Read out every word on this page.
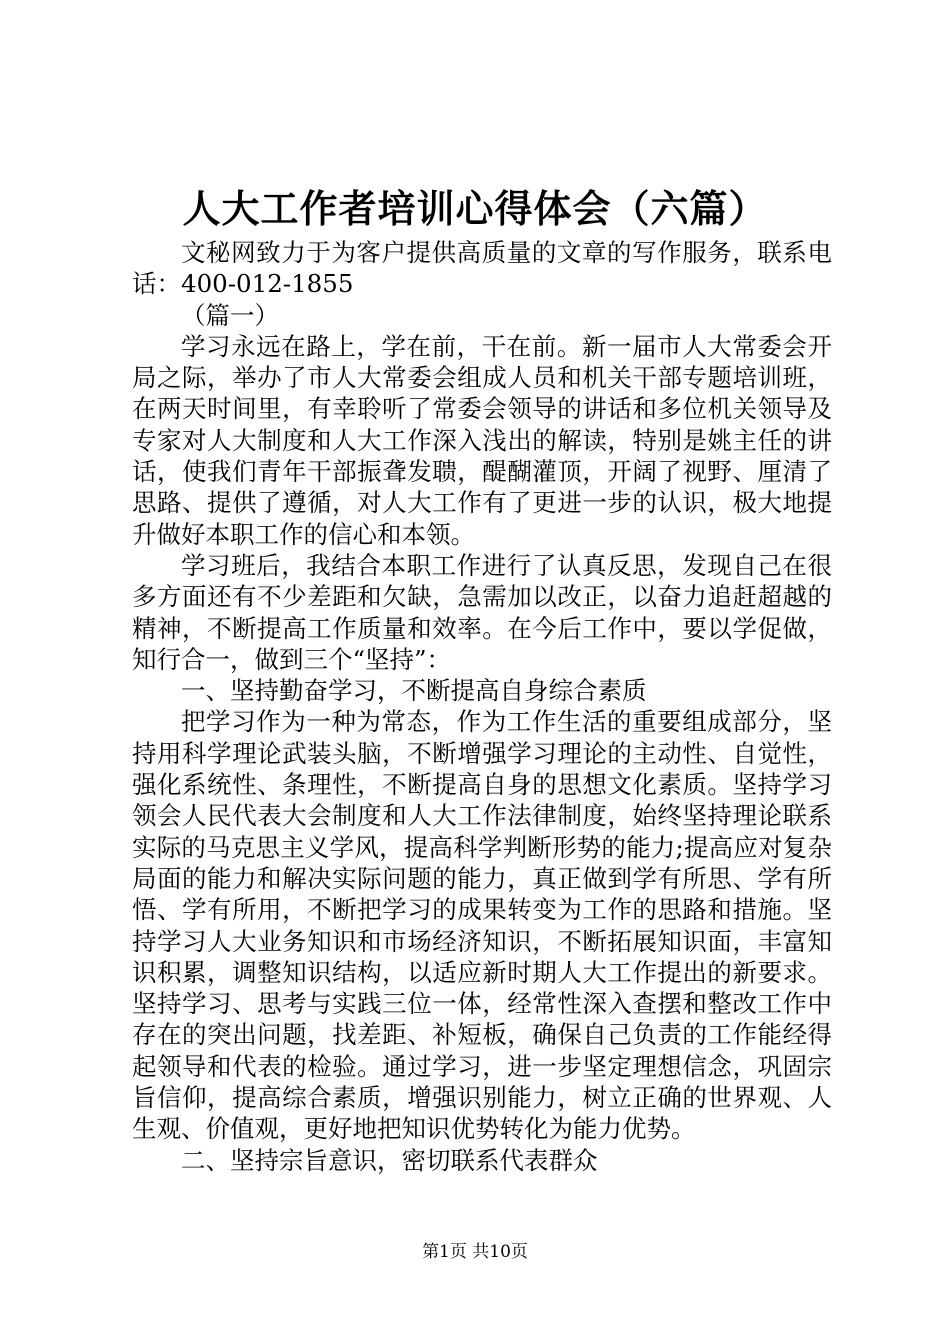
人大工作者培训心得体会（六篇）

文秘网致力于为客户提供高质量的文章的写作服务，联系电话：400-012-1855

（篇一）

学习永远在路上，学在前，干在前。新一届市人大常委会开局之际，举办了市人大常委会组成人员和机关干部专题培训班，在两天时间里，有幸聆听了常委会领导的讲话和多位机关领导及专家对人大制度和人大工作深入浅出的解读，特别是姚主任的讲话，使我们青年干部振聋发聩，醍醐灌顶，开阔了视野、厘清了思路、提供了遵循，对人大工作有了更进一步的认识，极大地提升做好本职工作的信心和本领。

学习班后，我结合本职工作进行了认真反思，发现自己在很多方面还有不少差距和欠缺，急需加以改正，以奋力追赶超越的精神，不断提高工作质量和效率。在今后工作中，要以学促做，知行合一，做到三个“坚持”：

一、坚持勤奋学习，不断提高自身综合素质

把学习作为一种为常态，作为工作生活的重要组成部分，坚持用科学理论武装头脑，不断增强学习理论的主动性、自觉性，强化系统性、条理性，不断提高自身的思想文化素质。坚持学习领会人民代表大会制度和人大工作法律制度，始终坚持理论联系实际的马克思主义学风，提高科学判断形势的能力;提高应对复杂局面的能力和解决实际问题的能力，真正做到学有所思、学有所悟、学有所用，不断把学习的成果转变为工作的思路和措施。坚持学习人大业务知识和市场经济知识，不断拓展知识面，丰富知识积累，调整知识结构，以适应新时期人大工作提出的新要求。坚持学习、思考与实践三位一体，经常性深入查摆和整改工作中存在的突出问题，找差距、补短板，确保自己负责的工作能经得起领导和代表的检验。通过学习，进一步坚定理想信念，巩固宗旨信仰，提高综合素质，增强识别能力，树立正确的世界观、人生观、价值观，更好地把知识优势转化为能力优势。

二、坚持宗旨意识，密切联系代表群众

第1页 共10页
